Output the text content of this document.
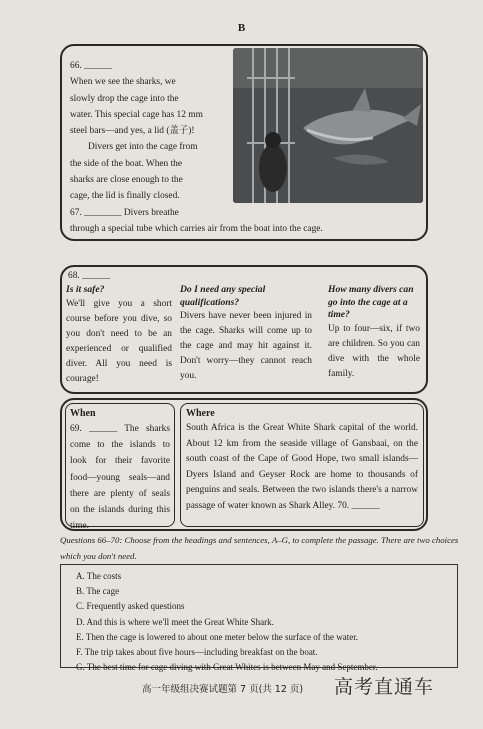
B
66. ______
When we see the sharks, we
slowly drop the cage into the
water. This special cage has 12 mm
steel bars—and yes, a lid (盖子)!
Divers get into the cage from
the side of the boat. When the
sharks are close enough to the
cage, the lid is finally closed.
67. ________ Divers breathe
through a special tube which carries air from the boat into the cage.
68. ______
Is it safe?
We'll give you a short course before you dive, so you don't need to be an experienced or qualified diver. All you need is courage!
Do I need any special qualifications?
Divers have never been injured in the cage. Sharks will come up to the cage and may hit against it. Don't worry—they cannot reach you.
How many divers can go into the cage at a time?
Up to four—six, if two are children. So you can dive with the whole family.
When
69. ______ The sharks come to the islands to look for their favorite food—young seals—and there are plenty of seals on the islands during this time.
Where
South Africa is the Great White Shark capital of the world. About 12 km from the seaside village of Gansbaai, on the south coast of the Cape of Good Hope, two small islands—Dyers Island and Geyser Rock are home to thousands of penguins and seals. Between the two islands there's a narrow passage of water known as Shark Alley. 70. ______
Questions 66–70: Choose from the headings and sentences, A–G, to complete the passage. There are two choices which you don't need.
A. The costs
B. The cage
C. Frequently asked questions
D. And this is where we'll meet the Great White Shark.
E. Then the cage is lowered to about one meter below the surface of the water.
F. The trip takes about five hours—including breakfast on the boat.
G. The best time for cage diving with Great Whites is between May and September.
高一年级组决赛试题第 7 页(共 12 页) 高考直通车
